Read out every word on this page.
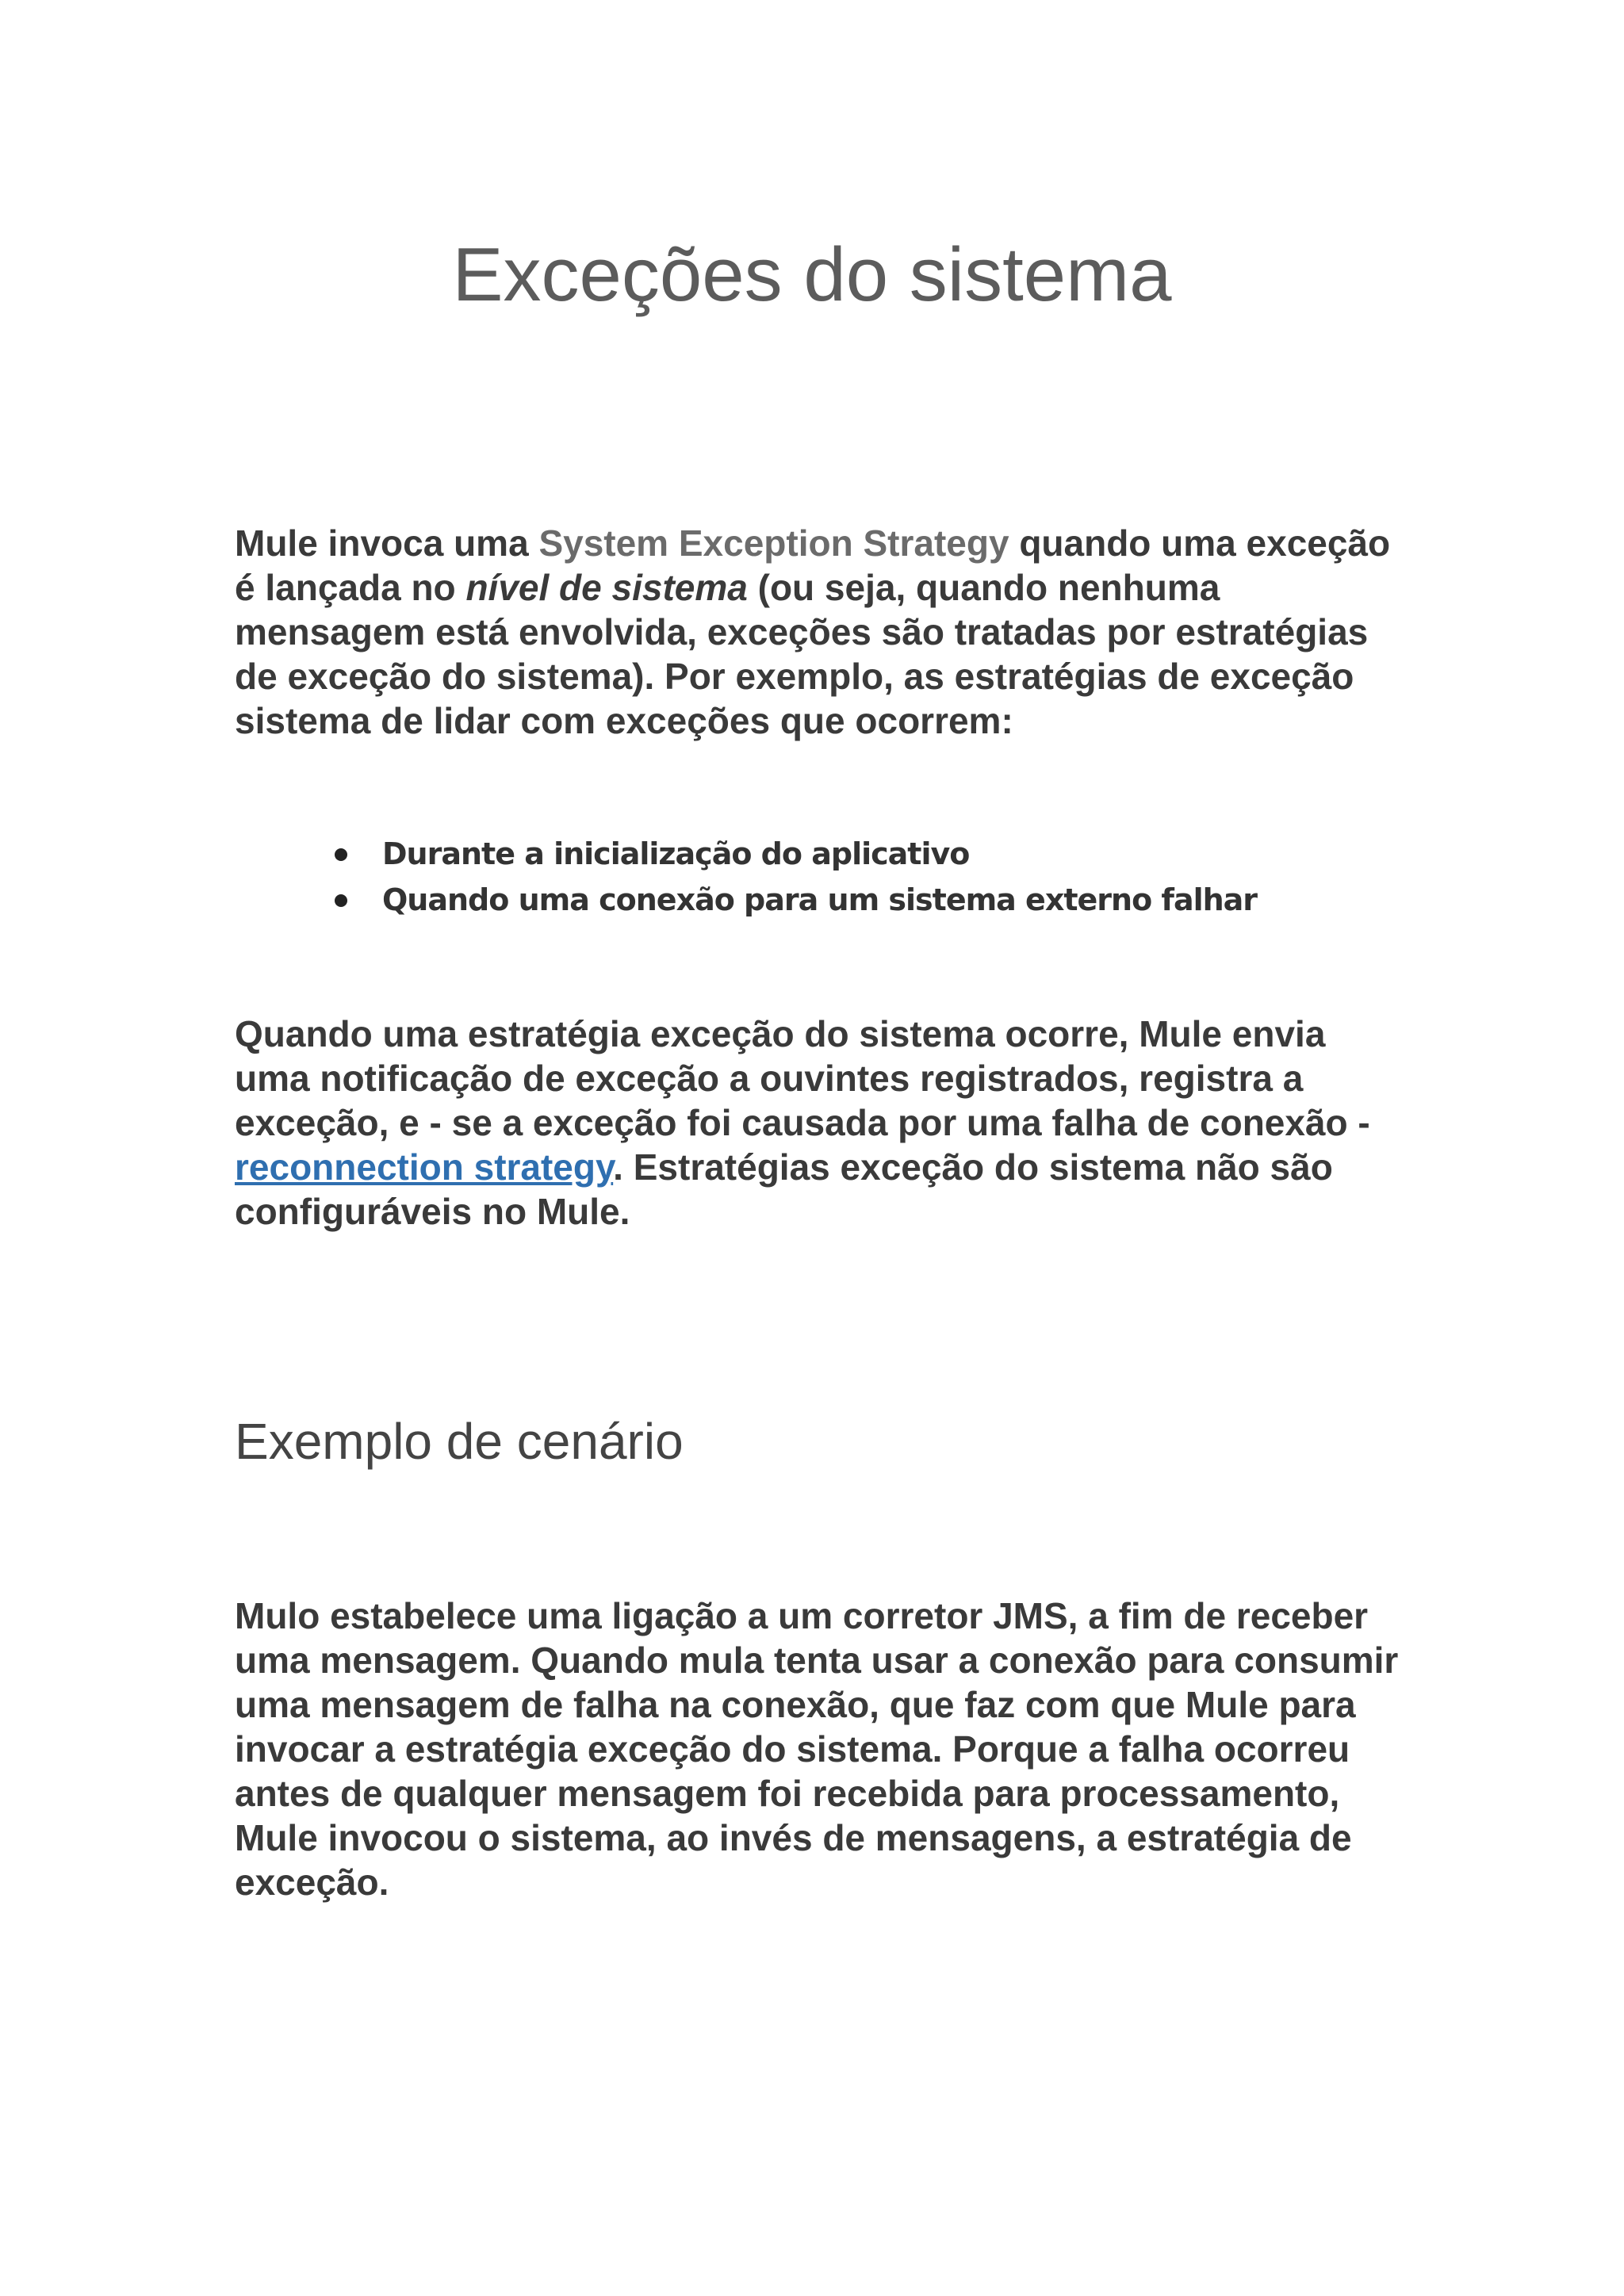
Exceções do sistema

Mule invoca uma System Exception Strategy quando uma exceção é lançada no nível de sistema (ou seja, quando nenhuma mensagem está envolvida, exceções são tratadas por estratégias de exceção do sistema). Por exemplo, as estratégias de exceção sistema de lidar com exceções que ocorrem:

Durante a inicialização do aplicativo
Quando uma conexão para um sistema externo falhar

Quando uma estratégia exceção do sistema ocorre, Mule envia uma notificação de exceção a ouvintes registrados, registra a exceção, e - se a exceção foi causada por uma falha de conexão - reconnection strategy. Estratégias exceção do sistema não são configuráveis no Mule.

Exemplo de cenário

Mulo estabelece uma ligação a um corretor JMS, a fim de receber uma mensagem. Quando mula tenta usar a conexão para consumir uma mensagem de falha na conexão, que faz com que Mule para invocar a estratégia exceção do sistema. Porque a falha ocorreu antes de qualquer mensagem foi recebida para processamento, Mule invocou o sistema, ao invés de mensagens, a estratégia de exceção.
